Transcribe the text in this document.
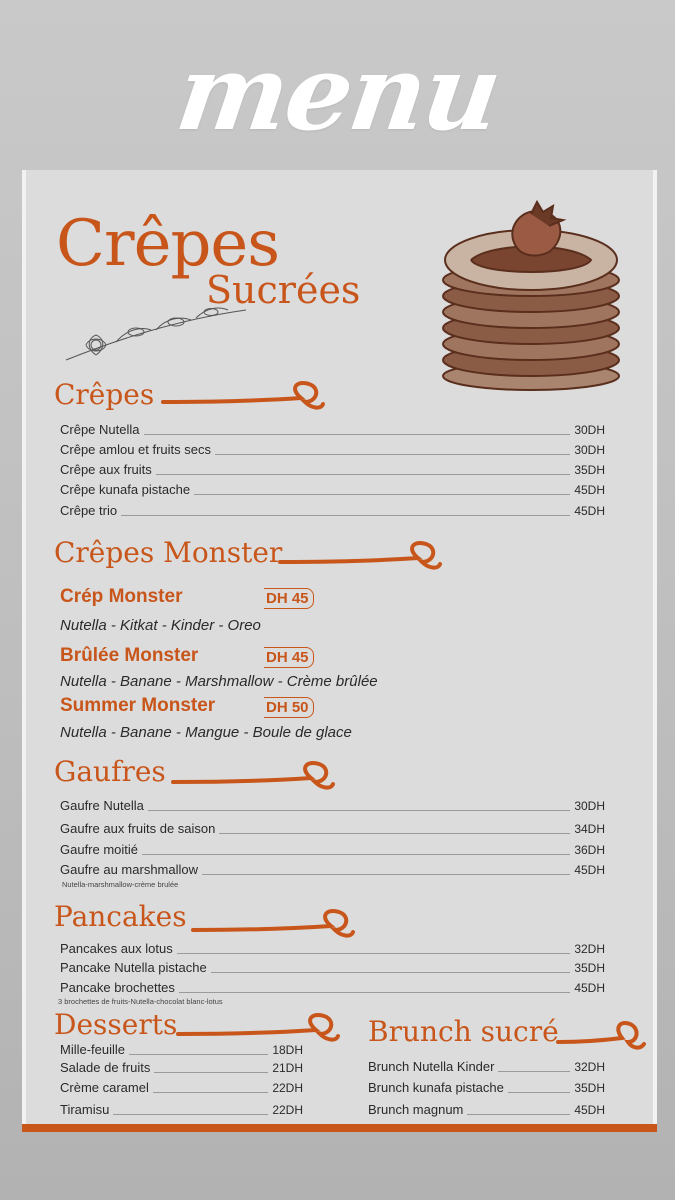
menu
Crêpes
Sucrées
Crêpes
Crêpe Nutella	30DH
Crêpe amlou et fruits secs	30DH
Crêpe aux fruits	35DH
Crêpe kunafa pistache	45DH
Crêpe trio	45DH
Crêpes Monster
Crép Monster	DH 45
Nutella - Kitkat - Kinder - Oreo
Brûlée Monster	DH 45
Nutella - Banane - Marshmallow - Crème brûlée
Summer Monster	DH 50
Nutella - Banane - Mangue - Boule de glace
Gaufres
Gaufre Nutella	30DH
Gaufre aux fruits de saison	34DH
Gaufre moitié	36DH
Gaufre au marshmallow	45DH
Nutella-marshmallow-crème brulée
Pancakes
Pancakes aux lotus	32DH
Pancake Nutella pistache	35DH
Pancake brochettes	45DH
3 brochettes de fruits-Nutella-chocolat blanc-lotus
Desserts
Mille-feuille	18DH
Salade de fruits	21DH
Crème caramel	22DH
Tiramisu	22DH
Brunch sucré
Brunch Nutella Kinder	32DH
Brunch kunafa pistache	35DH
Brunch magnum	45DH
